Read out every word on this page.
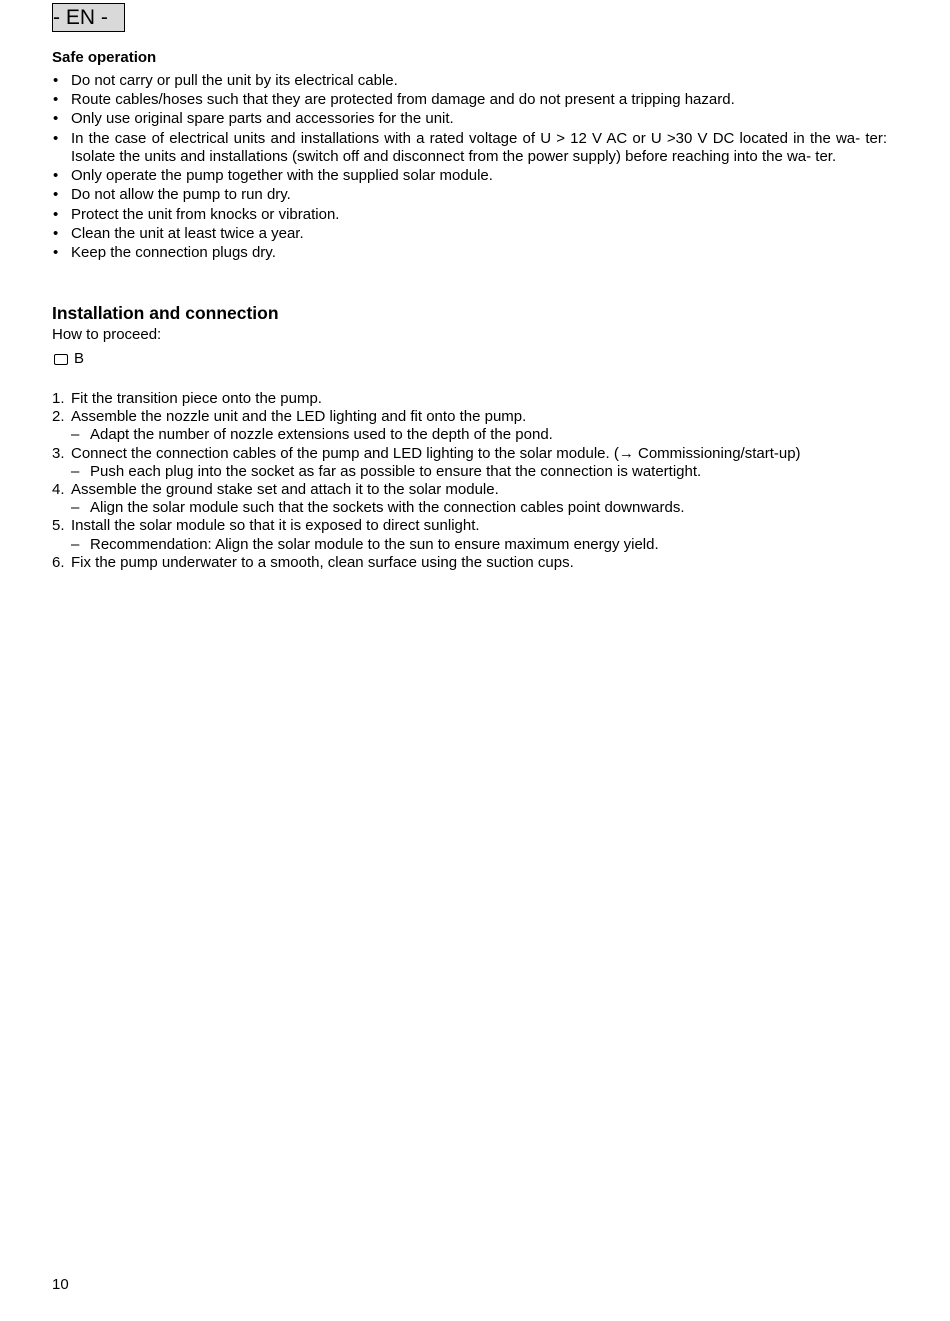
- EN -
Safe operation
• Do not carry or pull the unit by its electrical cable.
• Route cables/hoses such that they are protected from damage and do not present a tripping hazard.
• Only use original spare parts and accessories for the unit.
• In the case of electrical units and installations with a rated voltage of U > 12 V AC or U >30 V DC located in the wa- ter: Isolate the units and installations (switch off and disconnect from the power supply) before reaching into the wa- ter.
• Only operate the pump together with the supplied solar module.
• Do not allow the pump to run dry.
• Protect the unit from knocks or vibration.
• Clean the unit at least twice a year.
• Keep the connection plugs dry.
Installation and connection
How to proceed:
B
1. Fit the transition piece onto the pump.
2. Assemble the nozzle unit and the LED lighting and fit onto the pump.
– Adapt the number of nozzle extensions used to the depth of the pond.
3. Connect the connection cables of the pump and LED lighting to the solar module. (→ Commissioning/start-up)
– Push each plug into the socket as far as possible to ensure that the connection is watertight.
4. Assemble the ground stake set and attach it to the solar module.
– Align the solar module such that the sockets with the connection cables point downwards.
5. Install the solar module so that it is exposed to direct sunlight.
– Recommendation: Align the solar module to the sun to ensure maximum energy yield.
6. Fix the pump underwater to a smooth, clean surface using the suction cups.
10
